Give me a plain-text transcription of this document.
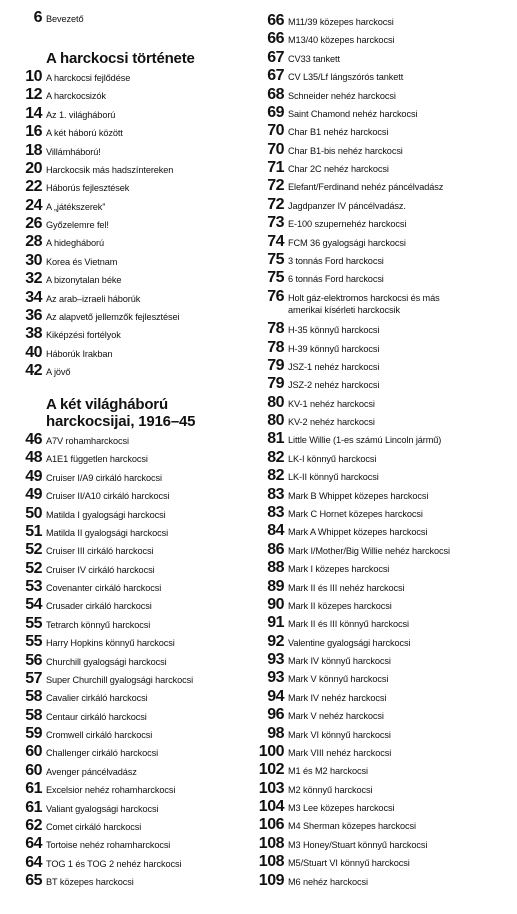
6 Bevezető
A harckocsi története
10 A harckocsi fejlődése
12 A harckocsizók
14 Az 1. világháború
16 A két háború között
18 Villámháború!
20 Harckocsik más hadszíntereken
22 Háborús fejlesztések
24 A „játékszerek”
26 Győzelemre fel!
28 A hidegháború
30 Korea és Vietnam
32 A bizonytalan béke
34 Az arab–izraeli háborúk
36 Az alapvető jellemzők fejlesztései
38 Kiképzési fortélyok
40 Háborúk Irakban
42 A jövő
A két világháború
harckocsijai, 1916–45
46 A7V rohamharckocsi
48 A1E1 független harckocsi
49 Cruiser I/A9 cirkáló harckocsi
49 Cruiser II/A10 cirkáló harckocsi
50 Matilda I gyalogsági harckocsi
51 Matilda II gyalogsági harckocsi
52 Cruiser III cirkáló harckocsi
52 Cruiser IV cirkáló harckocsi
53 Covenanter cirkáló harckocsi
54 Crusader cirkáló harckocsi
55 Tetrarch könnyű harckocsi
55 Harry Hopkins könnyű harckocsi
56 Churchill gyalogsági harckocsi
57 Super Churchill gyalogsági harckocsi
58 Cavalier cirkáló harckocsi
58 Centaur cirkáló harckocsi
59 Cromwell cirkáló harckocsi
60 Challenger cirkáló harckocsi
60 Avenger páncélvadász
61 Excelsior nehéz rohamharckocsi
61 Valiant gyalogsági harckocsi
62 Comet cirkáló harckocsi
64 Tortoise nehéz rohamharckocsi
64 TOG 1 és TOG 2 nehéz harckocsi
65 BT közepes harckocsi
66 M11/39 közepes harckocsi
66 M13/40 közepes harckocsi
67 CV33 tankett
67 CV L35/Lf lángszórós tankett
68 Schneider nehéz harckocsi
69 Saint Chamond nehéz harckocsi
70 Char B1 nehéz harckocsi
70 Char B1-bis nehéz harckocsi
71 Char 2C nehéz harckocsi
72 Elefant/Ferdinand nehéz páncélvadász
72 Jagdpanzer IV páncélvadász.
73 E-100 szupernehéz harckocsi
74 FCM 36 gyalogsági harckocsi
75 3 tonnás Ford harckocsi
75 6 tonnás Ford harckocsi
76 Holt gáz-elektromos harckocsi és más
amerikai kísérleti harckocsik
78 H-35 könnyű harckocsi
78 H-39 könnyű harckocsi
79 JSZ-1 nehéz harckocsi
79 JSZ-2 nehéz harckocsi
80 KV-1 nehéz harckocsi
80 KV-2 nehéz harckocsi
81 Little Willie (1-es számú Lincoln jármű)
82 LK-I könnyű harckocsi
82 LK-II könnyű harckocsi
83 Mark B Whippet közepes harckocsi
83 Mark C Hornet közepes harckocsi
84 Mark A Whippet közepes harckocsi
86 Mark I/Mother/Big Willie nehéz harckocsi
88 Mark I közepes harckocsi
89 Mark II és III nehéz harckocsi
90 Mark II közepes harckocsi
91 Mark II és III könnyű harckocsi
92 Valentine gyalogsági harckocsi
93 Mark IV könnyű harckocsi
93 Mark V könnyű harckocsi
94 Mark IV nehéz harckocsi
96 Mark V nehéz harckocsi
98 Mark VI könnyű harckocsi
100 Mark VIII nehéz harckocsi
102 M1 és M2 harckocsi
103 M2 könnyű harckocsi
104 M3 Lee közepes harckocsi
106 M4 Sherman közepes harckocsi
108 M3 Honey/Stuart könnyű harckocsi
108 M5/Stuart VI könnyű harckocsi
109 M6 nehéz harckocsi
